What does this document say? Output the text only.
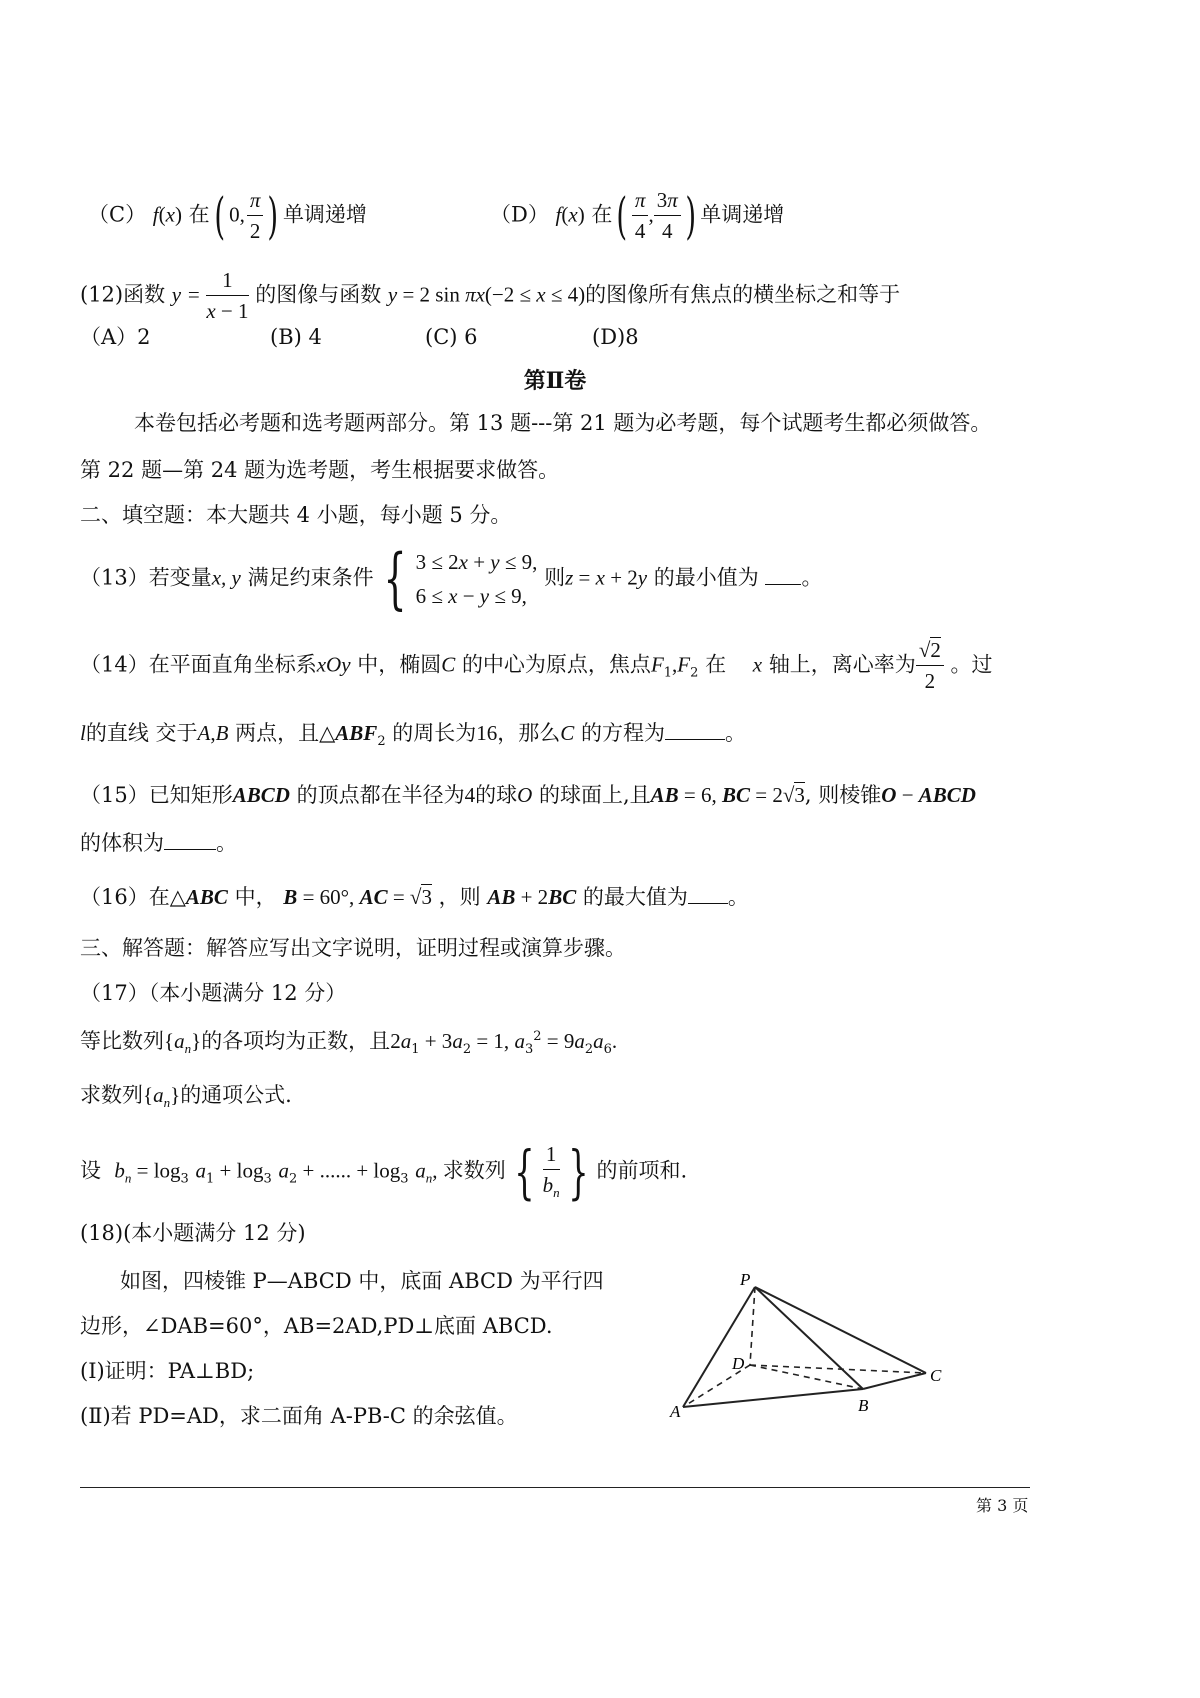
（C） f(x) 在( 0, $\frac{\pi}{2}$ ) 单调递增	（D） f(x) 在( $\frac{\pi}{4}$ , $\frac{3\pi}{4}$ ) 单调递增
(12)函数 $y = \frac{1}{x - 1}$ 的图像与函数 y = 2 sin πx(−2 ≤ x ≤ 4)的图像所有焦点的横坐标之和等于
（A）2	(B) 4	(C) 6	(D)8
第Ⅱ卷
本卷包括必考题和选考题两部分。第 13 题---第 21 题为必考题，每个试题考生都必须做答。
第 22 题—第 24 题为选考题，考生根据要求做答。
二、填空题：本大题共 4 小题，每小题 5 分。
（13）若变量x, y 满足约束条件 { 3 ≤ 2x + y ≤ 9,
6 ≤ x − y ≤ 9, 则z = x + 2y 的最小值为 。
（14）在平面直角坐标系xOy 中，椭圆C 的中心为原点，焦点$F_1,F_2$ 在 x 轴上，离心率为 $\frac{√2}{2}$ 。过
l的直线 交于A,B 两点，且$\triangle ABF_2$ 的周长为16，那么C 的方程为	。
（15）已知矩形ABCD 的顶点都在半径为4的球O 的球面上,且AB = 6, BC = 2√3, 则棱锥O − ABCD
的体积为 。
（16）在△ABC 中， B = 60°, AC = √3 ，则 AB + 2BC 的最大值为 。
三、解答题：解答应写出文字说明，证明过程或演算步骤。
（17）（本小题满分 12 分）
等比数列$\{a_n\}$的各项均为正数，且$2a_1 + 3a_2 = 1$, $a_3^2 = 9a_2a_6$.
求数列$\{a_n\}$的通项公式.
设 $b_n = \log_3 a_1 + \log_3 a_2$ + ...... + $\log_3 a_n$, 求数列 { $\frac{1}{b_n}$ } 的前项和.
(18)(本小题满分 12 分)
如图，四棱锥 P—ABCD 中，底面 ABCD 为平行四
边形，∠DAB=60°，AB=2AD,PD⊥底面 ABCD.
(Ⅰ)证明：PA⊥BD;
(Ⅱ)若 PD=AD，求二面角 A-PB-C 的余弦值。
P
D
C
A	B
第 3 页
